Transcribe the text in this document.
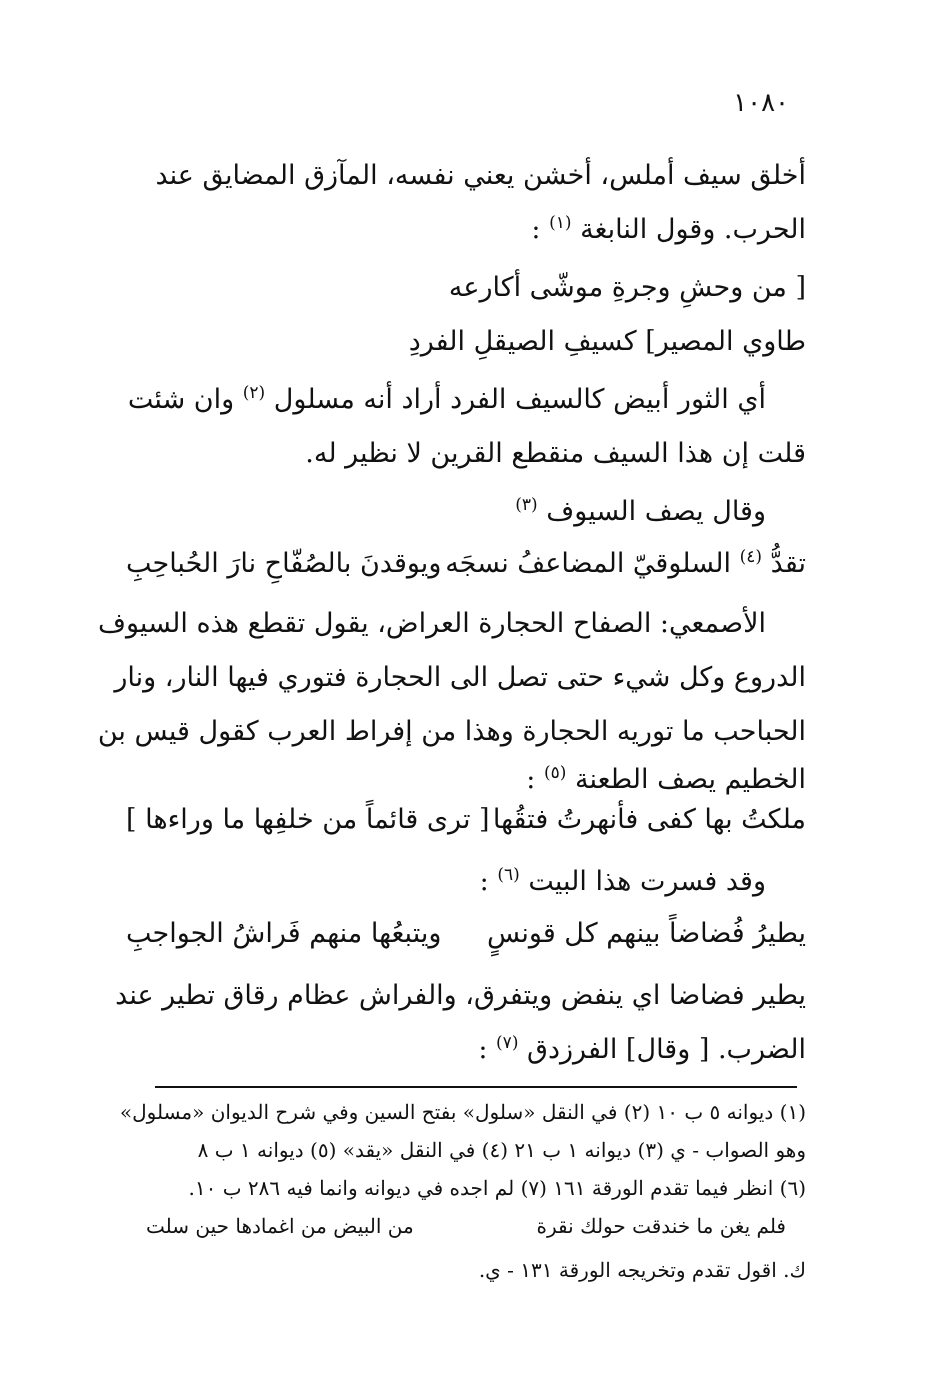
١٠٨٠
أخلق سيف أملس، أخشن يعني نفسه، المآزق المضايق عند
الحرب. وقول النابغة $^{(١)}$ :
[ من وحشِ وجرةِ موشّى أكارعه
طاوي المصير] كسيفِ الصيقلِ الفردِ
أي الثور أبيض كالسيف الفرد أراد أنه مسلول $^{(٢)}$ وان شئت
قلت إن هذا السيف منقطع القرين لا نظير له.
وقال يصف السيوف $^{(٣)}$
تقدُّ $^{(٤)}$ السلوقيّ المضاعفُ نسجَه
ويوقدنَ بالصُفّاحِ نارَ الحُباحِبِ
الأصمعي: الصفاح الحجارة العراض، يقول تقطع هذه السيوف
الدروع وكل شيء حتى تصل الى الحجارة فتوري فيها النار، ونار
الحباحب ما توريه الحجارة وهذا من إفراط العرب كقول قيس بن
الخطيم يصف الطعنة $^{(٥)}$ :
ملكتُ بها كفى فأنهرتُ فتقُها
[ ترى قائماً من خلفِها ما وراءها ]
وقد فسرت هذا البيت $^{(٦)}$ :
يطيرُ فُضاضاً بينهم كل قونسٍ
ويتبعُها منهم فَراشُ الجواجبِ
يطير فضاضا اي ينفض ويتفرق، والفراش عظام رقاق تطير عند
الضرب. [ وقال] الفرزدق $^{(٧)}$ :
(١) ديوانه ٥ ب ١٠ (٢) في النقل «سلول» بفتح السين وفي شرح الديوان «مسلول»
وهو الصواب - ي (٣) ديوانه ١ ب ٢١ (٤) في النقل «يقد» (٥) ديوانه ١ ب ٨
(٦) انظر فيما تقدم الورقة ١٦١ (٧) لم اجده في ديوانه وانما فيه ٢٨٦ ب ١٠.
فلم يغن ما خندقت حولك نقرة
من البيض من اغمادها حين سلت
ك. اقول تقدم وتخريجه الورقة ١٣١ - ي.
